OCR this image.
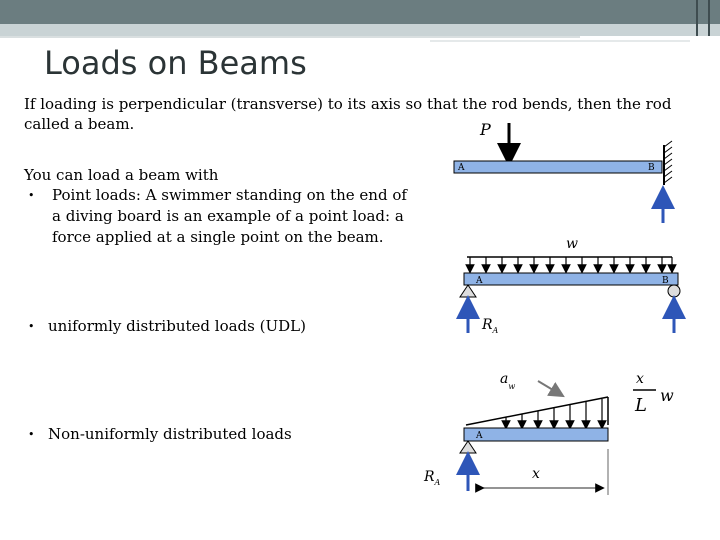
Loads on Beams
If loading is perpendicular (transverse) to its axis so that the rod bends, then the rod called a beam.
You can load a beam with
• Point loads: A swimmer standing on the end of a diving board is an example of a point load: a force applied at a single point on the beam.
• uniformly distributed loads (UDL)
• Non-uniformly distributed loads
P
A	B
w
A	B
$R_A$
$a_w$	x
L w
A
$R_A$
x
